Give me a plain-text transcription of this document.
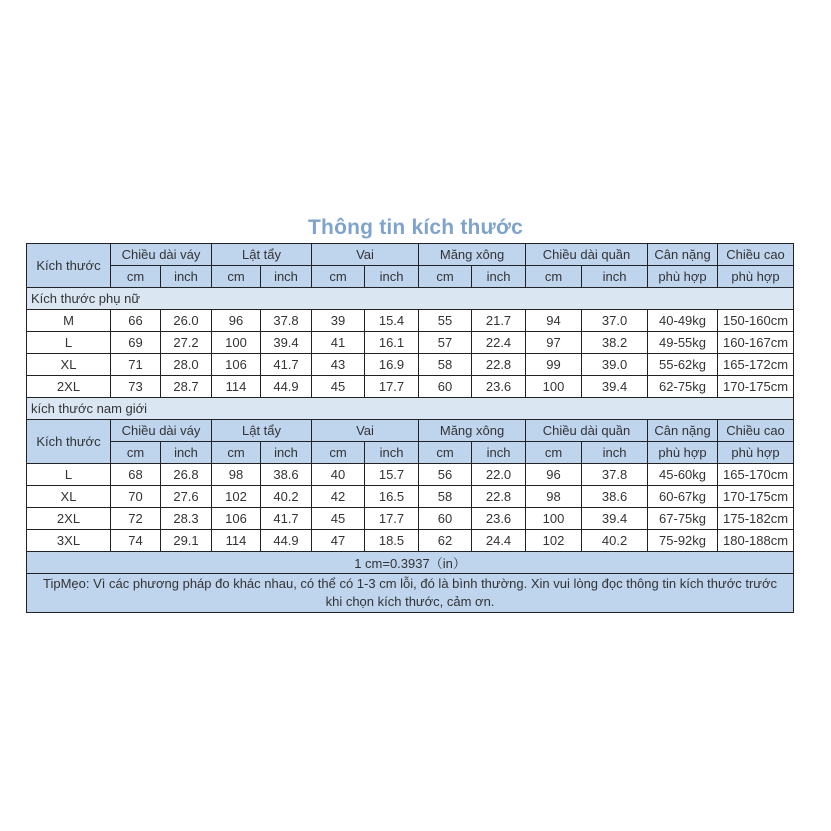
Thông tin kích thước
Kích thước	Chiều dài váy		Lật tẩy		Vai		Măng xông		Chiều dài quần		Cân nặng	Chiều cao
	cm	inch	cm	inch	cm	inch	cm	inch	cm	inch	phù hợp	phù hợp
Kích thước phụ nữ												
M	66	26.0	96	37.8	39	15.4	55	21.7	94	37.0	40-49kg	150-160cm
L	69	27.2	100	39.4	41	16.1	57	22.4	97	38.2	49-55kg	160-167cm
XL	71	28.0	106	41.7	43	16.9	58	22.8	99	39.0	55-62kg	165-172cm
2XL	73	28.7	114	44.9	45	17.7	60	23.6	100	39.4	62-75kg	170-175cm
kích thước nam giới												
Kích thước	Chiều dài váy		Lật tẩy		Vai		Măng xông		Chiều dài quần		Cân nặng	Chiều cao
	cm	inch	cm	inch	cm	inch	cm	inch	cm	inch	phù hợp	phù hợp
L	68	26.8	98	38.6	40	15.7	56	22.0	96	37.8	45-60kg	165-170cm
XL	70	27.6	102	40.2	42	16.5	58	22.8	98	38.6	60-67kg	170-175cm
2XL	72	28.3	106	41.7	45	17.7	60	23.6	100	39.4	67-75kg	175-182cm
3XL	74	29.1	114	44.9	47	18.5	62	24.4	102	40.2	75-92kg	180-188cm
1 cm=0.3937（in）												
TipMẹo: Vì các phương pháp đo khác nhau, có thể có 1-3 cm lỗi, đó là bình thường. Xin vui lòng đọc thông tin kích thước trước khi chọn kích thước, cảm ơn.												
